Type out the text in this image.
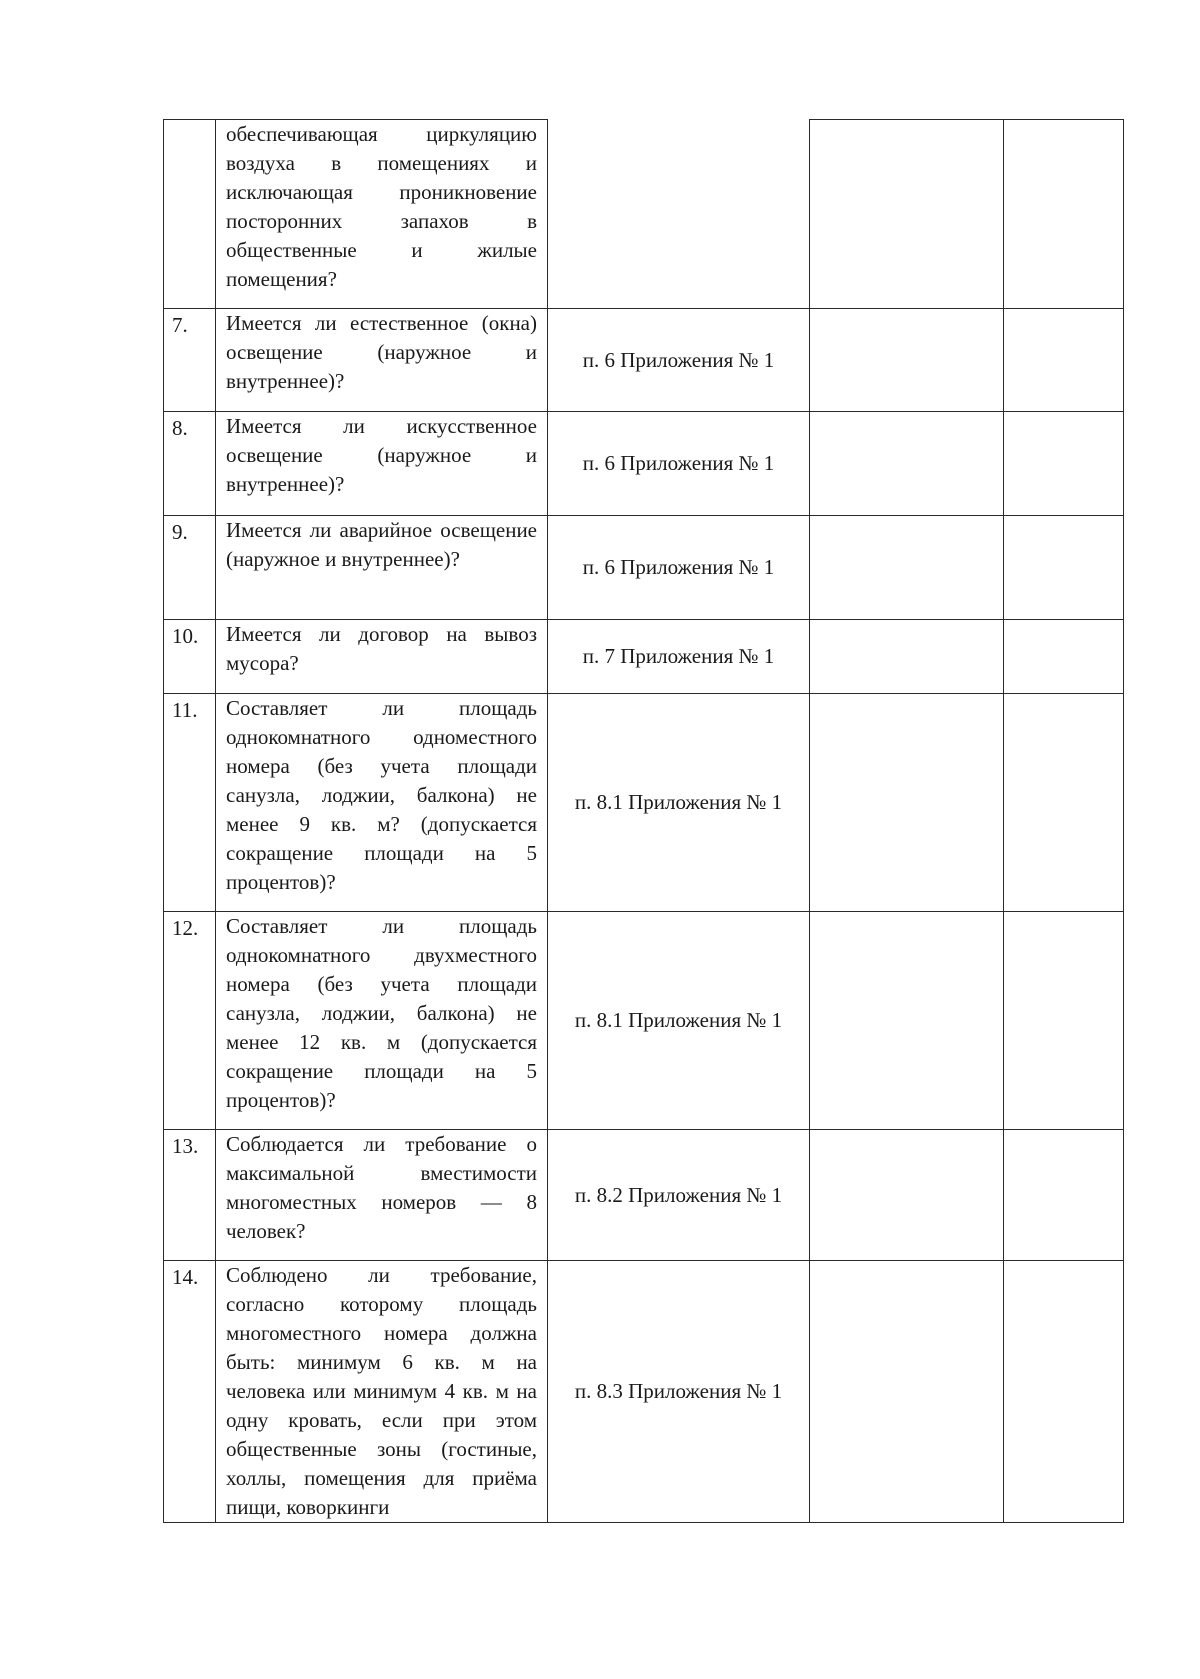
	обеспечивающая циркуляцию воздуха в помещениях и исключающая проникновение посторонних запахов в общественные и жилые помещения?			
7.	Имеется ли естественное (окна) освещение (наружное и внутреннее)?	п. 6 Приложения № 1		
8.	Имеется ли искусственное освещение (наружное и внутреннее)?	п. 6 Приложения № 1		
9.	Имеется ли аварийное освещение (наружное и внутреннее)?	п. 6 Приложения № 1		
10.	Имеется ли договор на вывоз мусора?	п. 7 Приложения № 1		
11.	Составляет ли площадь однокомнатного одноместного номера (без учета площади санузла, лоджии, балкона) не менее 9 кв. м? (допускается сокращение площади на 5 процентов)?	п. 8.1 Приложения № 1		
12.	Составляет ли площадь однокомнатного двухместного номера (без учета площади санузла, лоджии, балкона) не менее 12 кв. м (допускается сокращение площади на 5 процентов)?	п. 8.1 Приложения № 1		
13.	Соблюдается ли требование о максимальной вместимости многоместных номеров — 8 человек?	п. 8.2 Приложения № 1		
14.	Соблюдено ли требование, согласно которому площадь многоместного номера должна быть: минимум 6 кв. м на человека или минимум 4 кв. м на одну кровать, если при этом общественные зоны (гостиные, холлы, помещения для приёма пищи, коворкинги	п. 8.3 Приложения № 1		
